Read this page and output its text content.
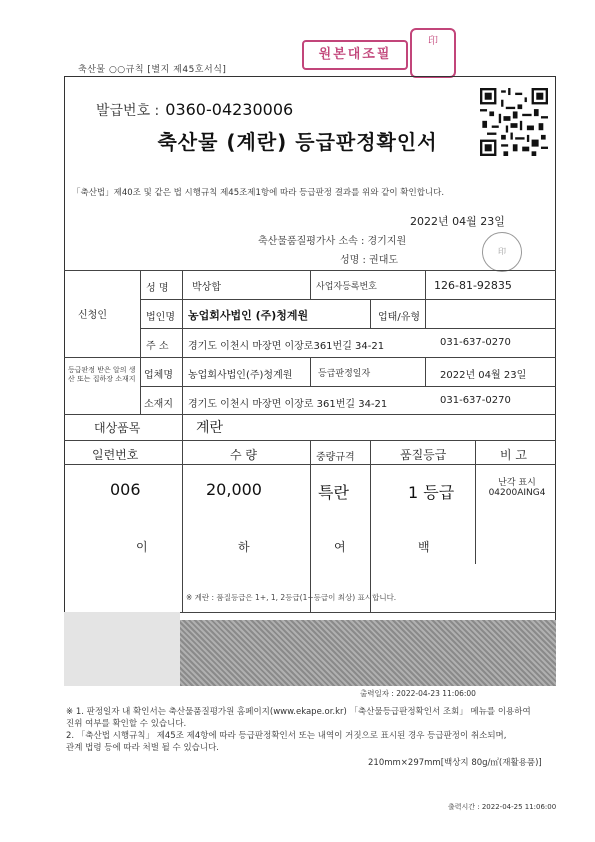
축산물 ○○규칙 [별지 제45호서식]
원본대조필
印
발급번호 : 0360-04230006
축산물 (계란) 등급판정확인서
「축산법」제40조 및 같은 법 시행규칙 제45조제1항에 따라 등급판정 결과를 위와 같이 확인합니다.
2022년 04월 23일
축산물품질평가사 소속 : 경기지원
성명 : 권대도
印
신청인
성 명 박상합	사업자등록번호	126-81-92835
법인명 농업회사법인 (주)청계원	업태/유형
주 소 경기도 이천시 마장면 이장로361번길 34-21	031-637-0270
등급판정 받은 알의 생산 또는 집하장 소재지 업체명 농업회사법인(주)청계원	등급판정일자	2022년 04월 23일
소재지 경기도 이천시 마장면 이장로 361번길 34-21	031-637-0270
대상품목	계란
일련번호	수 량	중량규격	품질등급	비 고
006	20,000	특란	1 등급	난각 표시
04200AING4
이	하	여	백
※ 계란 : 품질등급은 1+, 1, 2등급(1+등급이 최상) 표시합니다.
출력일자 : 2022-04-23 11:06:00
※ 1. 판정일자 내 확인서는 축산물품질평가원 홈페이지(www.ekape.or.kr) 「축산물등급판정확인서 조회」 메뉴를 이용하여
진위 여부를 확인할 수 있습니다.
2. 「축산법 시행규칙」 제45조 제4항에 따라 등급판정확인서 또는 내역이 거짓으로 표시된 경우 등급판정이 취소되며,
관계 법령 등에 따라 처벌 될 수 있습니다.
210mm×297mm[백상지 80g/㎡(재활용품)]
출력시간 : 2022-04-25 11:06:00
